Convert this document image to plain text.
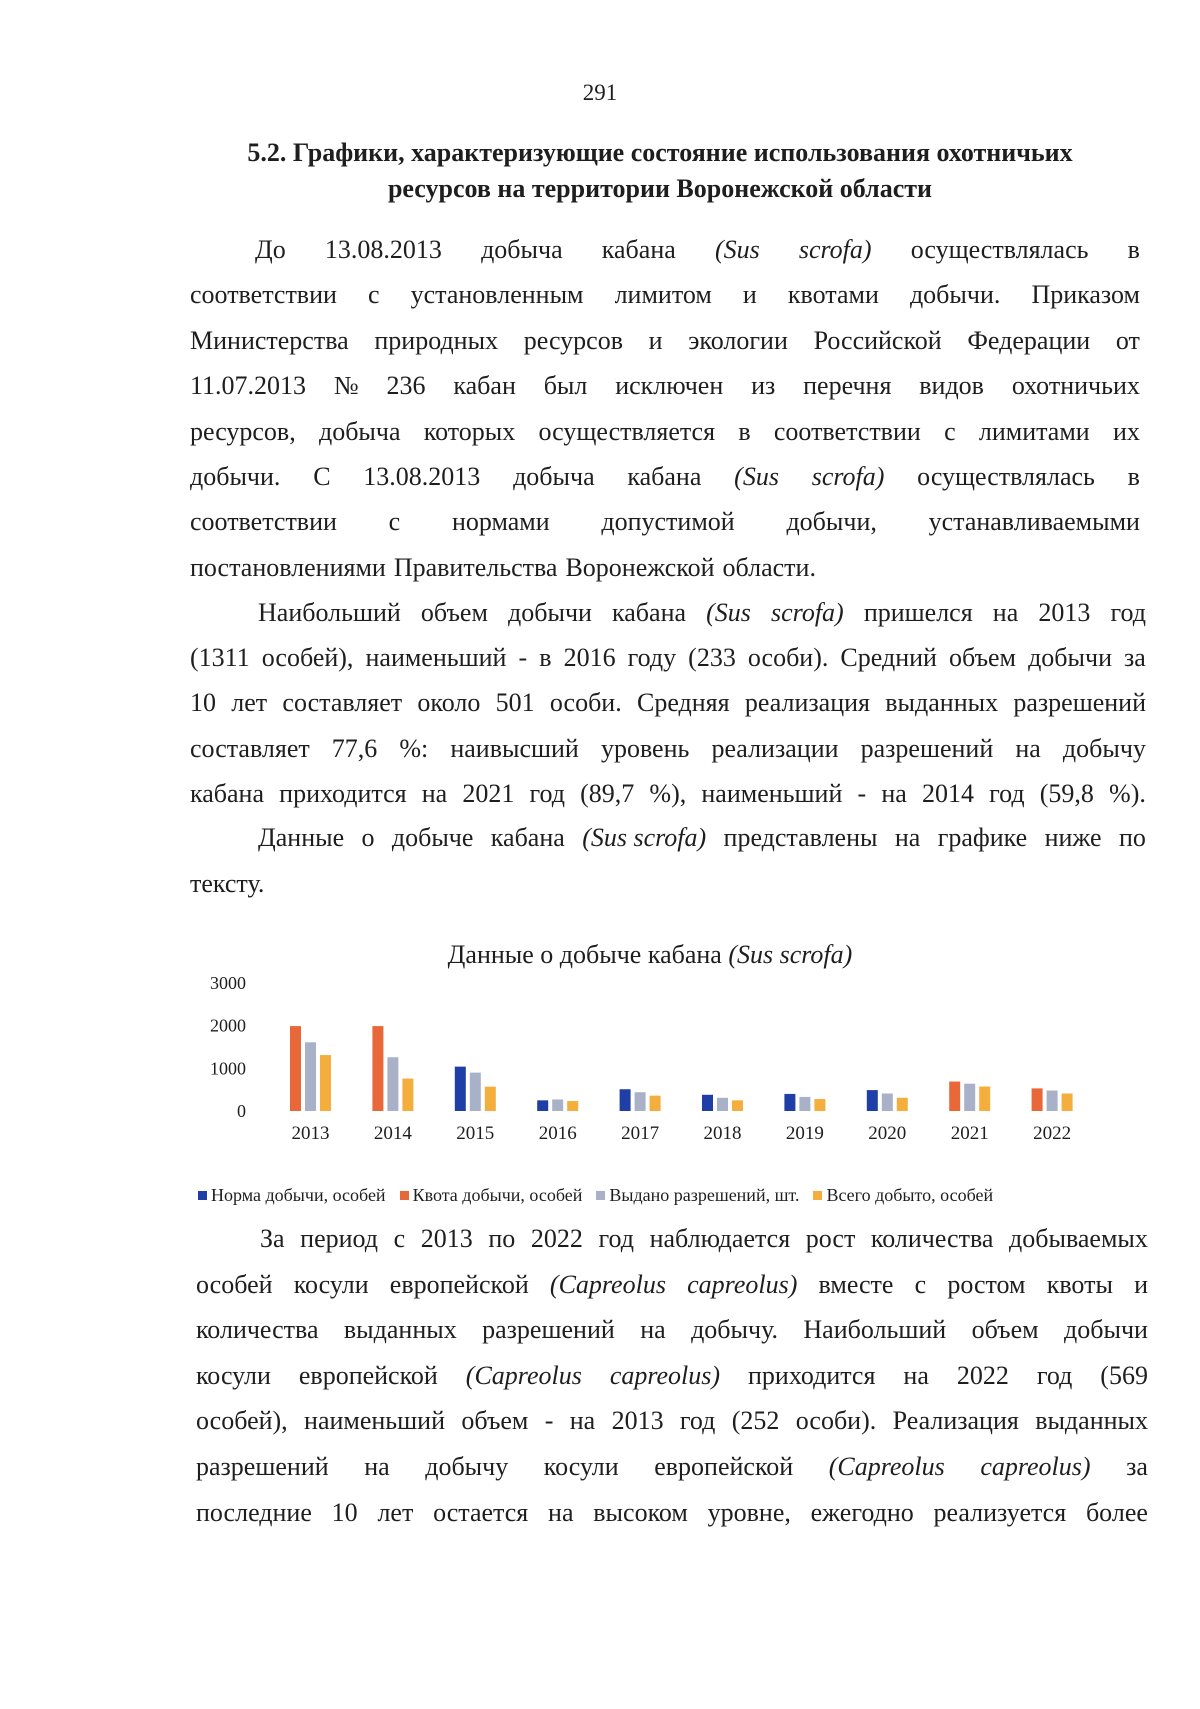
291
5.2. Графики, характеризующие состояние использования охотничьих
ресурсов на территории Воронежской области
До 13.08.2013 добыча кабана (Sus scrofa) осуществлялась в
соответствии с установленным лимитом и квотами добычи. Приказом
Министерства природных ресурсов и экологии Российской Федерации от
11.07.2013 № 236 кабан был исключен из перечня видов охотничьих
ресурсов, добыча которых осуществляется в соответствии с лимитами их
добычи. С 13.08.2013 добыча кабана (Sus scrofa) осуществлялась в
соответствии с нормами допустимой добычи, устанавливаемыми
постановлениями Правительства Воронежской области.
Наибольший объем добычи кабана (Sus scrofa) пришелся на 2013 год
(1311 особей), наименьший - в 2016 году (233 особи). Средний объем добычи за
10 лет составляет около 501 особи. Средняя реализация выданных разрешений
составляет 77,6 %: наивысший уровень реализации разрешений на добычу
кабана приходится на 2021 год (89,7 %), наименьший - на 2014 год (59,8 %).
Данные о добыче кабана (Sus scrofa) представлены на графике ниже по
тексту.
Данные о добыче кабана (Sus scrofa)
0
1000
2000
3000
2013 2014 2015 2016 2017 2018 2019 2020 2021 2022
Норма добычи, особей Квота добычи, особей Выдано разрешений, шт. Всего добыто, особей
За период с 2013 по 2022 год наблюдается рост количества добываемых
особей косули европейской (Capreolus capreolus) вместе с ростом квоты и
количества выданных разрешений на добычу. Наибольший объем добычи
косули европейской (Capreolus capreolus) приходится на 2022 год (569
особей), наименьший объем - на 2013 год (252 особи). Реализация выданных
разрешений на добычу косули европейской (Capreolus capreolus) за
последние 10 лет остается на высоком уровне, ежегодно реализуется более
